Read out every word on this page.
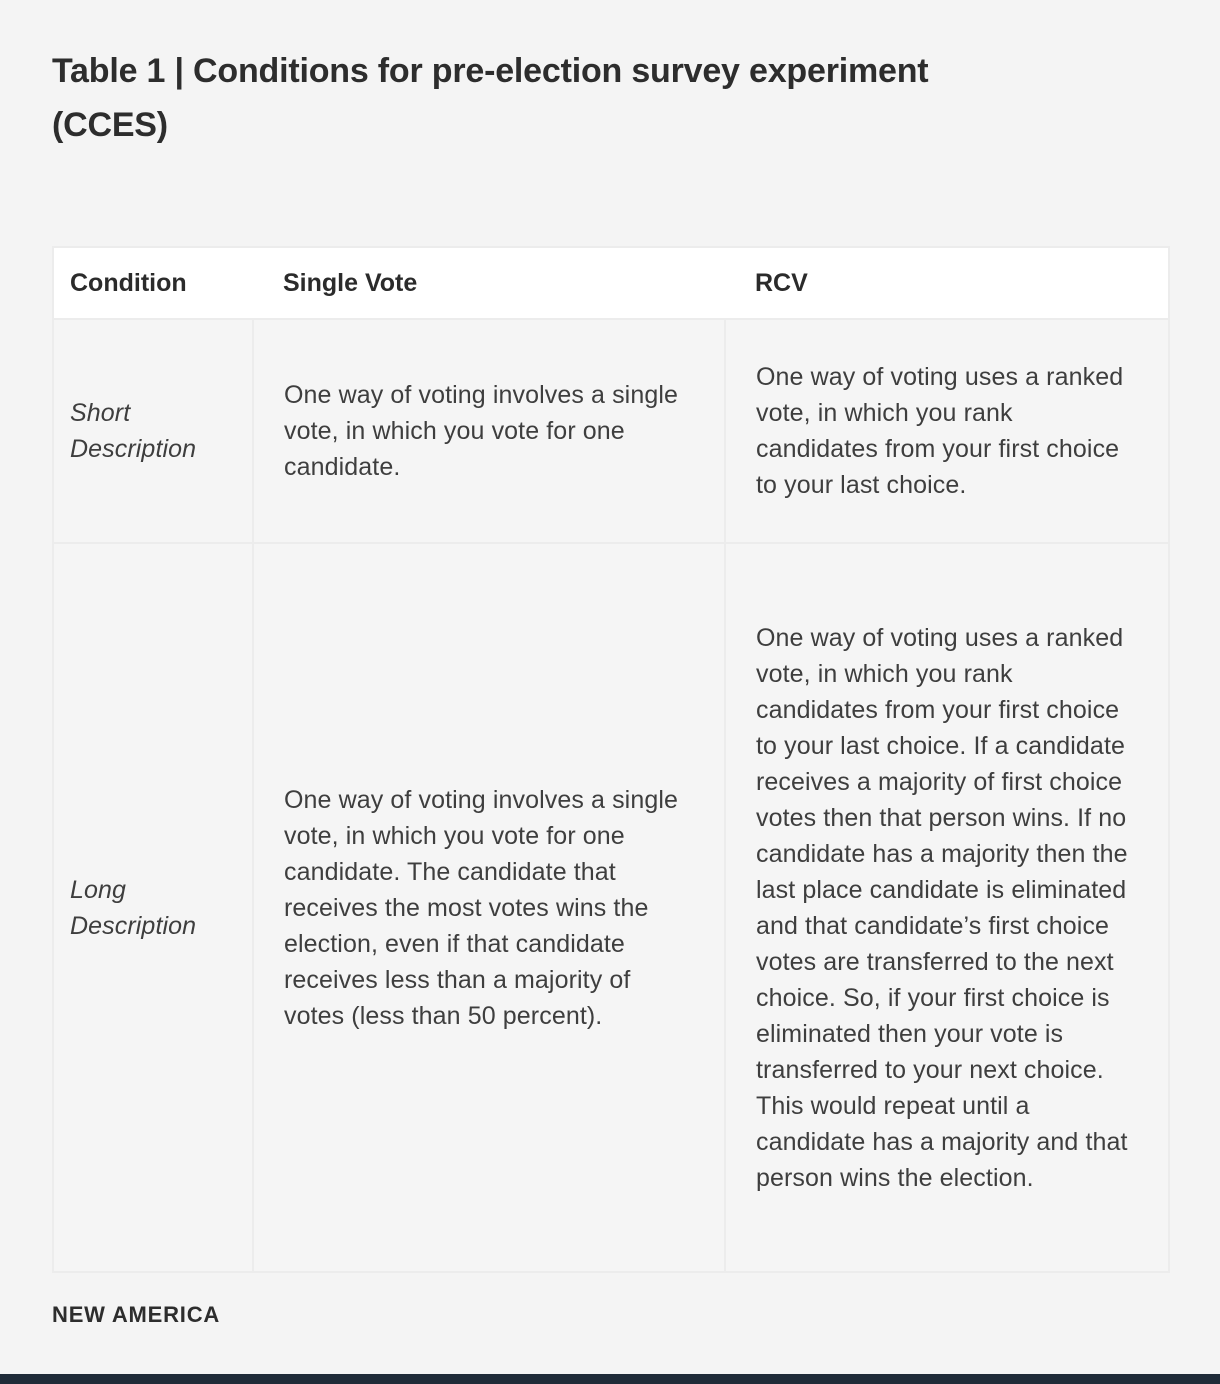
Table 1 | Conditions for pre-election survey experiment
(CCES)
Condition	Single Vote	RCV
Short Description	One way of voting involves a single vote, in which you vote for one candidate.	One way of voting uses a ranked vote, in which you rank candidates from your first choice to your last choice.
Long Description	One way of voting involves a single vote, in which you vote for one candidate. The candidate that receives the most votes wins the election, even if that candidate receives less than a majority of votes (less than 50 percent).	One way of voting uses a ranked vote, in which you rank candidates from your first choice to your last choice. If a candidate receives a majority of first choice votes then that person wins. If no candidate has a majority then the last place candidate is eliminated and that candidate’s first choice votes are transferred to the next choice. So, if your first choice is eliminated then your vote is transferred to your next choice. This would repeat until a candidate has a majority and that person wins the election.
NEW AMERICA
